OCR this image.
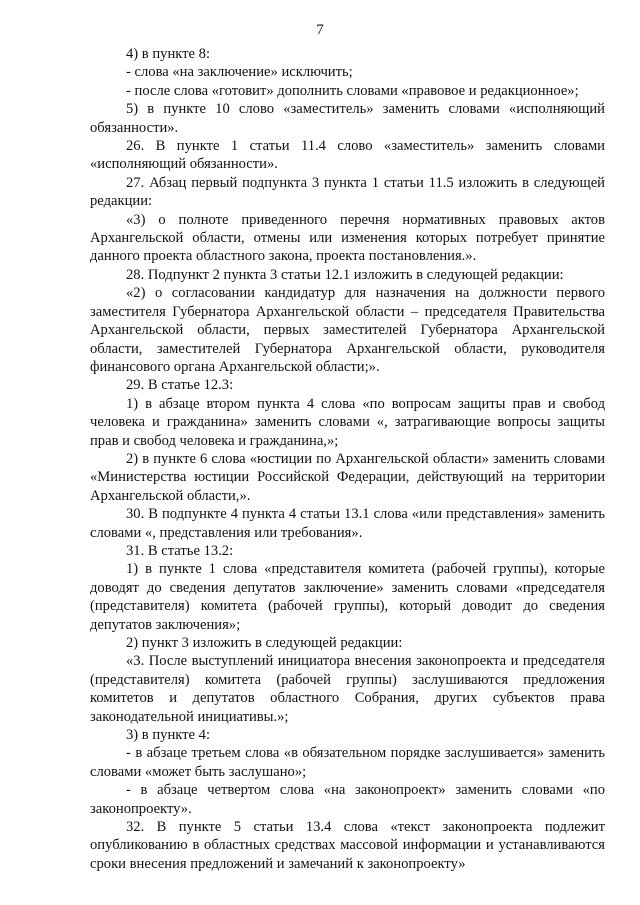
7

4) в пункте 8:

- слова «на заключение» исключить;

- после слова «готовит» дополнить словами «правовое и редакционное»;

5) в пункте 10 слово «заместитель» заменить словами «исполняющий обязанности».

26. В пункте 1 статьи 11.4 слово «заместитель» заменить словами «исполняющий обязанности».

27. Абзац первый подпункта 3 пункта 1 статьи 11.5 изложить в следующей редакции:

«3) о полноте приведенного перечня нормативных правовых актов Архангельской области, отмены или изменения которых потребует принятие данного проекта областного закона, проекта постановления.».

28. Подпункт 2 пункта 3 статьи 12.1 изложить в следующей редакции:

«2) о согласовании кандидатур для назначения на должности первого заместителя Губернатора Архангельской области – председателя Правительства Архангельской области, первых заместителей Губернатора Архангельской области, заместителей Губернатора Архангельской области, руководителя финансового органа Архангельской области;».

29. В статье 12.3:

1) в абзаце втором пункта 4 слова «по вопросам защиты прав и свобод человека и гражданина» заменить словами «, затрагивающие вопросы защиты прав и свобод человека и гражданина,»;

2) в пункте 6 слова «юстиции по Архангельской области» заменить словами «Министерства юстиции Российской Федерации, действующий на территории Архангельской области,».

30. В подпункте 4 пункта 4 статьи 13.1 слова «или представления» заменить словами «, представления или требования».

31. В статье 13.2:

1) в пункте 1 слова «представителя комитета (рабочей группы), которые доводят до сведения депутатов заключение» заменить словами «председателя (представителя) комитета (рабочей группы), который доводит до сведения депутатов заключения»;

2) пункт 3 изложить в следующей редакции:

«3. После выступлений инициатора внесения законопроекта и председателя (представителя) комитета (рабочей группы) заслушиваются предложения комитетов и депутатов областного Собрания, других субъектов права законодательной инициативы.»;

3) в пункте 4:

- в абзаце третьем слова «в обязательном порядке заслушивается» заменить словами «может быть заслушано»;

- в абзаце четвертом слова «на законопроект» заменить словами «по законопроекту».

32. В пункте 5 статьи 13.4 слова «текст законопроекта подлежит опубликованию в областных средствах массовой информации и устанавливаются сроки внесения предложений и замечаний к законопроекту»
